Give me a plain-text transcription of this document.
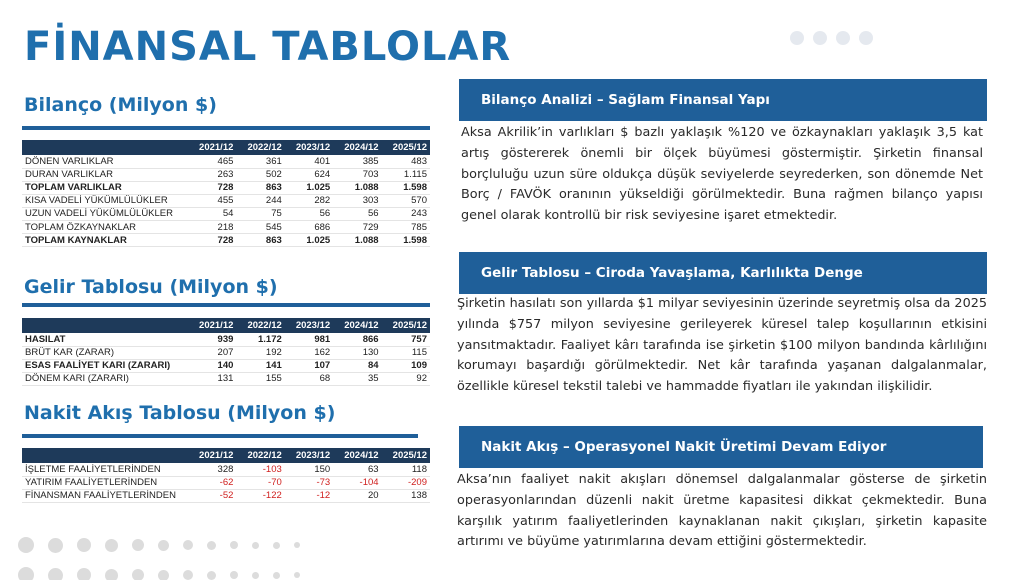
FİNANSAL TABLOLAR
Bilanço (Milyon $)
	2021/12	2022/12	2023/12	2024/12	2025/12
DÖNEN VARLIKLAR	465	361	401	385	483
DURAN VARLIKLAR	263	502	624	703	1.115
TOPLAM VARLIKLAR	728	863	1.025	1.088	1.598
KISA VADELİ YÜKÜMLÜLÜKLER	455	244	282	303	570
UZUN VADELİ YÜKÜMLÜLÜKLER	54	75	56	56	243
TOPLAM ÖZKAYNAKLAR	218	545	686	729	785
TOPLAM KAYNAKLAR	728	863	1.025	1.088	1.598
Gelir Tablosu (Milyon $)
	2021/12	2022/12	2023/12	2024/12	2025/12
HASILAT	939	1.172	981	866	757
BRÜT KAR (ZARAR)	207	192	162	130	115
ESAS FAALİYET KARI (ZARARI)	140	141	107	84	109
DÖNEM KARI (ZARARI)	131	155	68	35	92
Nakit Akış Tablosu (Milyon $)
	2021/12	2022/12	2023/12	2024/12	2025/12
İŞLETME FAALİYETLERİNDEN	328	-103	150	63	118
YATIRIM FAALİYETLERİNDEN	-62	-70	-73	-104	-209
FİNANSMAN FAALİYETLERİNDEN	-52	-122	-12	20	138
Bilanço Analizi – Sağlam Finansal Yapı
Aksa Akrilik’in varlıkları $ bazlı yaklaşık %120 ve özkaynakları yaklaşık 3,5 kat artış göstererek önemli bir ölçek büyümesi göstermiştir. Şirketin finansal borçluluğu uzun süre oldukça düşük seviyelerde seyrederken, son dönemde Net Borç / FAVÖK oranının yükseldiği görülmektedir. Buna rağmen bilanço yapısı genel olarak kontrollü bir risk seviyesine işaret etmektedir.
Gelir Tablosu – Ciroda Yavaşlama, Karlılıkta Denge
Şirketin hasılatı son yıllarda $1 milyar seviyesinin üzerinde seyretmiş olsa da 2025 yılında $757 milyon seviyesine gerileyerek küresel talep koşullarının etkisini yansıtmaktadır. Faaliyet kârı tarafında ise şirketin $100 milyon bandında kârlılığını korumayı başardığı görülmektedir. Net kâr tarafında yaşanan dalgalanmalar, özellikle küresel tekstil talebi ve hammadde fiyatları ile yakından ilişkilidir.
Nakit Akış – Operasyonel Nakit Üretimi Devam Ediyor
Aksa’nın faaliyet nakit akışları dönemsel dalgalanmalar gösterse de şirketin operasyonlarından düzenli nakit üretme kapasitesi dikkat çekmektedir. Buna karşılık yatırım faaliyetlerinden kaynaklanan nakit çıkışları, şirketin kapasite artırımı ve büyüme yatırımlarına devam ettiğini göstermektedir.
